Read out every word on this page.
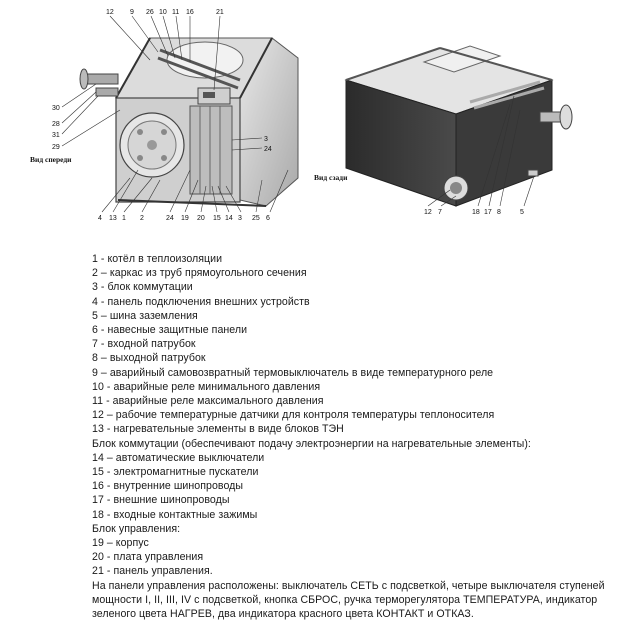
12 9 26 10 11 16	21
30
28
31
29
3
24
4 13 1 2	24 19 20 15 14 3 25 6
Вид спереди
12 7	18 17 8	5
Вид сзади
1 - котёл в теплоизоляции
2 – каркас из труб прямоугольного сечения
3 - блок коммутации
4 - панель подключения внешних устройств
5 – шина заземления
6 - навесные защитные панели
7 - входной патрубок
8 – выходной патрубок
9 – аварийный самовозвратный термовыключатель в виде температурного реле
10 - аварийные реле минимального давления
11 - аварийные реле максимального давления
12 – рабочие температурные датчики для контроля температуры теплоносителя
13 - нагревательные элементы в виде блоков ТЭН
Блок коммутации (обеспечивают подачу электроэнергии на нагревательные элементы):
14 – автоматические выключатели
15 - электромагнитные пускатели
16 - внутренние шинопроводы
17 - внешние шинопроводы
18 - входные контактные зажимы
Блок управления:
19 – корпус
20 - плата управления
21 - панель управления.
На панели управления расположены: выключатель СЕТЬ с подсветкой, четыре выключателя ступеней мощности I, II, III, IV с подсветкой, кнопка СБРОС, ручка терморегулятора ТЕМПЕРАТУРА, индикатор зеленого цвета НАГРЕВ, два индикатора красного цвета КОНТАКТ и ОТКАЗ.
